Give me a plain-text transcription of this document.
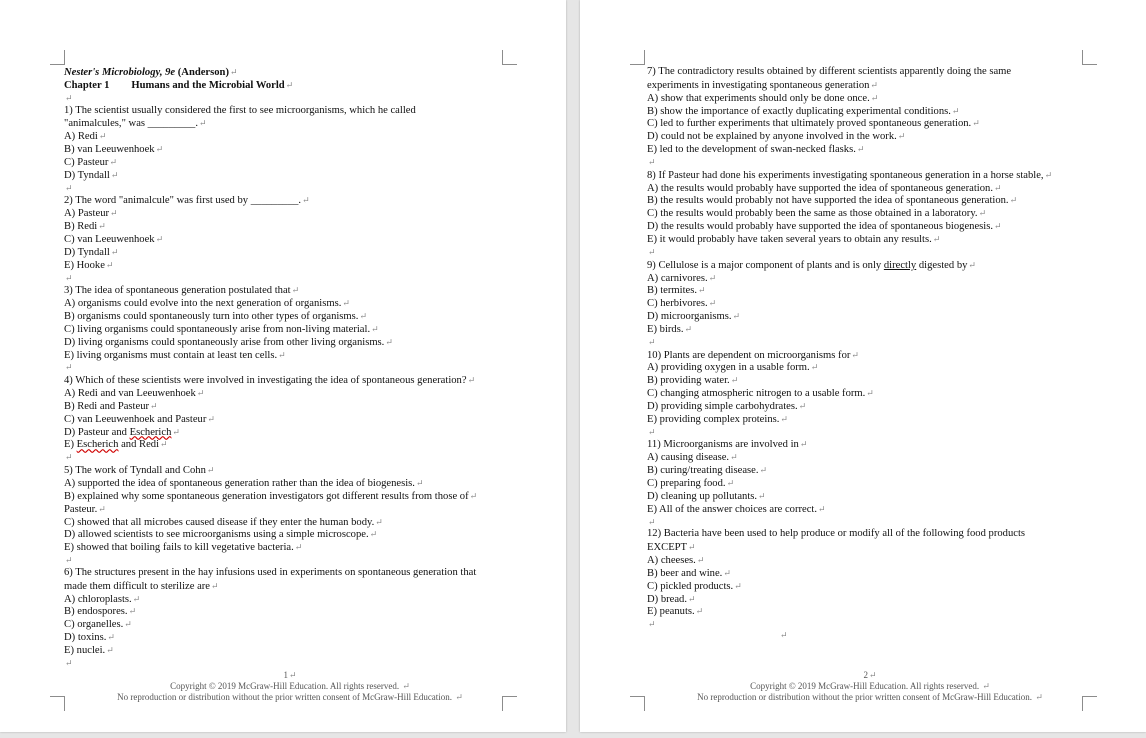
Nester's Microbiology, 9e (Anderson)↵
Chapter 1 Humans and the Microbial World↵
↵
1) The scientist usually considered the first to see microorganisms, which he called
"animalcules," was _________.↵
A) Redi↵
B) van Leeuwenhoek↵
C) Pasteur↵
D) Tyndall↵
↵
2) The word "animalcule" was first used by _________.↵
A) Pasteur↵
B) Redi↵
C) van Leeuwenhoek↵
D) Tyndall↵
E) Hooke↵
↵
3) The idea of spontaneous generation postulated that↵
A) organisms could evolve into the next generation of organisms.↵
B) organisms could spontaneously turn into other types of organisms.↵
C) living organisms could spontaneously arise from non-living material.↵
D) living organisms could spontaneously arise from other living organisms.↵
E) living organisms must contain at least ten cells.↵
↵
4) Which of these scientists were involved in investigating the idea of spontaneous generation?↵
A) Redi and van Leeuwenhoek↵
B) Redi and Pasteur↵
C) van Leeuwenhoek and Pasteur↵
D) Pasteur and Escherich↵
E) Escherich and Redi↵
↵
5) The work of Tyndall and Cohn↵
A) supported the idea of spontaneous generation rather than the idea of biogenesis.↵
B) explained why some spontaneous generation investigators got different results from those of↵
Pasteur.↵
C) showed that all microbes caused disease if they enter the human body.↵
D) allowed scientists to see microorganisms using a simple microscope.↵
E) showed that boiling fails to kill vegetative bacteria.↵
↵
6) The structures present in the hay infusions used in experiments on spontaneous generation that
made them difficult to sterilize are↵
A) chloroplasts.↵
B) endospores.↵
C) organelles.↵
D) toxins.↵
E) nuclei.↵
↵
1↵
Copyright © 2019 McGraw-Hill Education. All rights reserved. ↵
No reproduction or distribution without the prior written consent of McGraw-Hill Education. ↵
7) The contradictory results obtained by different scientists apparently doing the same
experiments in investigating spontaneous generation↵
A) show that experiments should only be done once.↵
B) show the importance of exactly duplicating experimental conditions.↵
C) led to further experiments that ultimately proved spontaneous generation.↵
D) could not be explained by anyone involved in the work.↵
E) led to the development of swan-necked flasks.↵
↵
8) If Pasteur had done his experiments investigating spontaneous generation in a horse stable,↵
A) the results would probably have supported the idea of spontaneous generation.↵
B) the results would probably not have supported the idea of spontaneous generation.↵
C) the results would probably been the same as those obtained in a laboratory.↵
D) the results would probably have supported the idea of spontaneous biogenesis.↵
E) it would probably have taken several years to obtain any results.↵
↵
9) Cellulose is a major component of plants and is only directly digested by↵
A) carnivores.↵
B) termites.↵
C) herbivores.↵
D) microorganisms.↵
E) birds.↵
↵
10) Plants are dependent on microorganisms for↵
A) providing oxygen in a usable form.↵
B) providing water.↵
C) changing atmospheric nitrogen to a usable form.↵
D) providing simple carbohydrates.↵
E) providing complex proteins.↵
↵
11) Microorganisms are involved in↵
A) causing disease.↵
B) curing/treating disease.↵
C) preparing food.↵
D) cleaning up pollutants.↵
E) All of the answer choices are correct.↵
↵
12) Bacteria have been used to help produce or modify all of the following food products
EXCEPT↵
A) cheeses.↵
B) beer and wine.↵
C) pickled products.↵
D) bread.↵
E) peanuts.↵
↵
↵
2↵
Copyright © 2019 McGraw-Hill Education. All rights reserved. ↵
No reproduction or distribution without the prior written consent of McGraw-Hill Education. ↵
